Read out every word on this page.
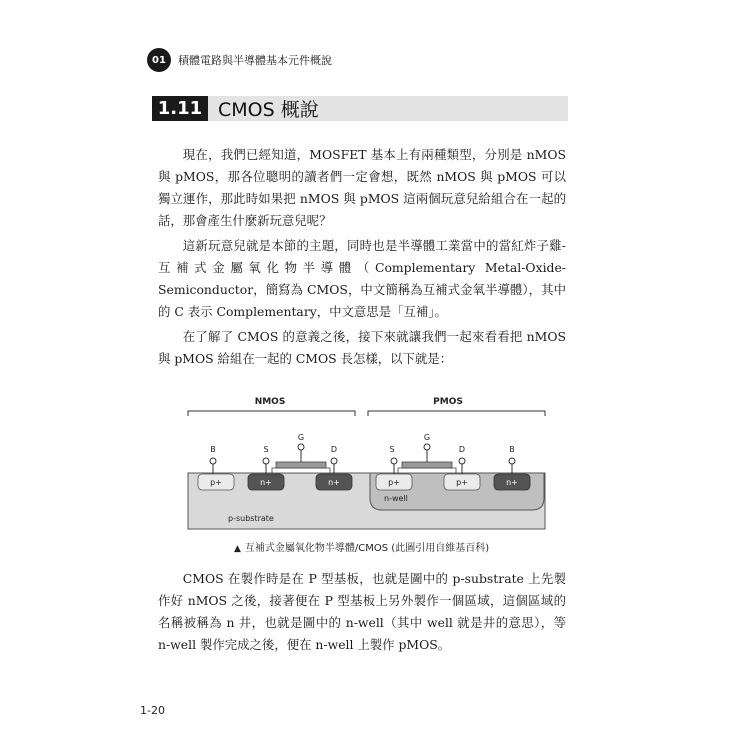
01	積體電路與半導體基本元件概說
1.11 CMOS 概說

現在，我們已經知道，MOSFET 基本上有兩種類型，分別是 nMOS 與 pMOS，那各位聰明的讀者們一定會想，既然 nMOS 與 pMOS 可以獨立運作，那此時如果把 nMOS 與 pMOS 這兩個玩意兒給組合在一起的話，那會產生什麼新玩意兒呢？

這新玩意兒就是本節的主題，同時也是半導體工業當中的當紅炸子雞-互補式金屬氧化物半導體（Complementary Metal-Oxide-Semiconductor，簡寫為 CMOS，中文簡稱為互補式金氧半導體），其中的 C 表示 Complementary，中文意思是「互補」。

在了解了 CMOS 的意義之後，接下來就讓我們一起來看看把 nMOS 與 pMOS 給組在一起的 CMOS 長怎樣，以下就是：

NMOS	PMOS
B	S
G
D	S
G
D	B
p+	n+	n+	p+	p+	n+
n-well
p-substrate
▲ 互補式金屬氧化物半導體/CMOS (此圖引用自維基百科)

CMOS 在製作時是在 P 型基板，也就是圖中的 p-substrate 上先製作好 nMOS 之後，接著便在 P 型基板上另外製作一個區域，這個區域的名稱被稱為 n 井，也就是圖中的 n-well（其中 well 就是井的意思），等 n-well 製作完成之後，便在 n-well 上製作 pMOS。

1-20
